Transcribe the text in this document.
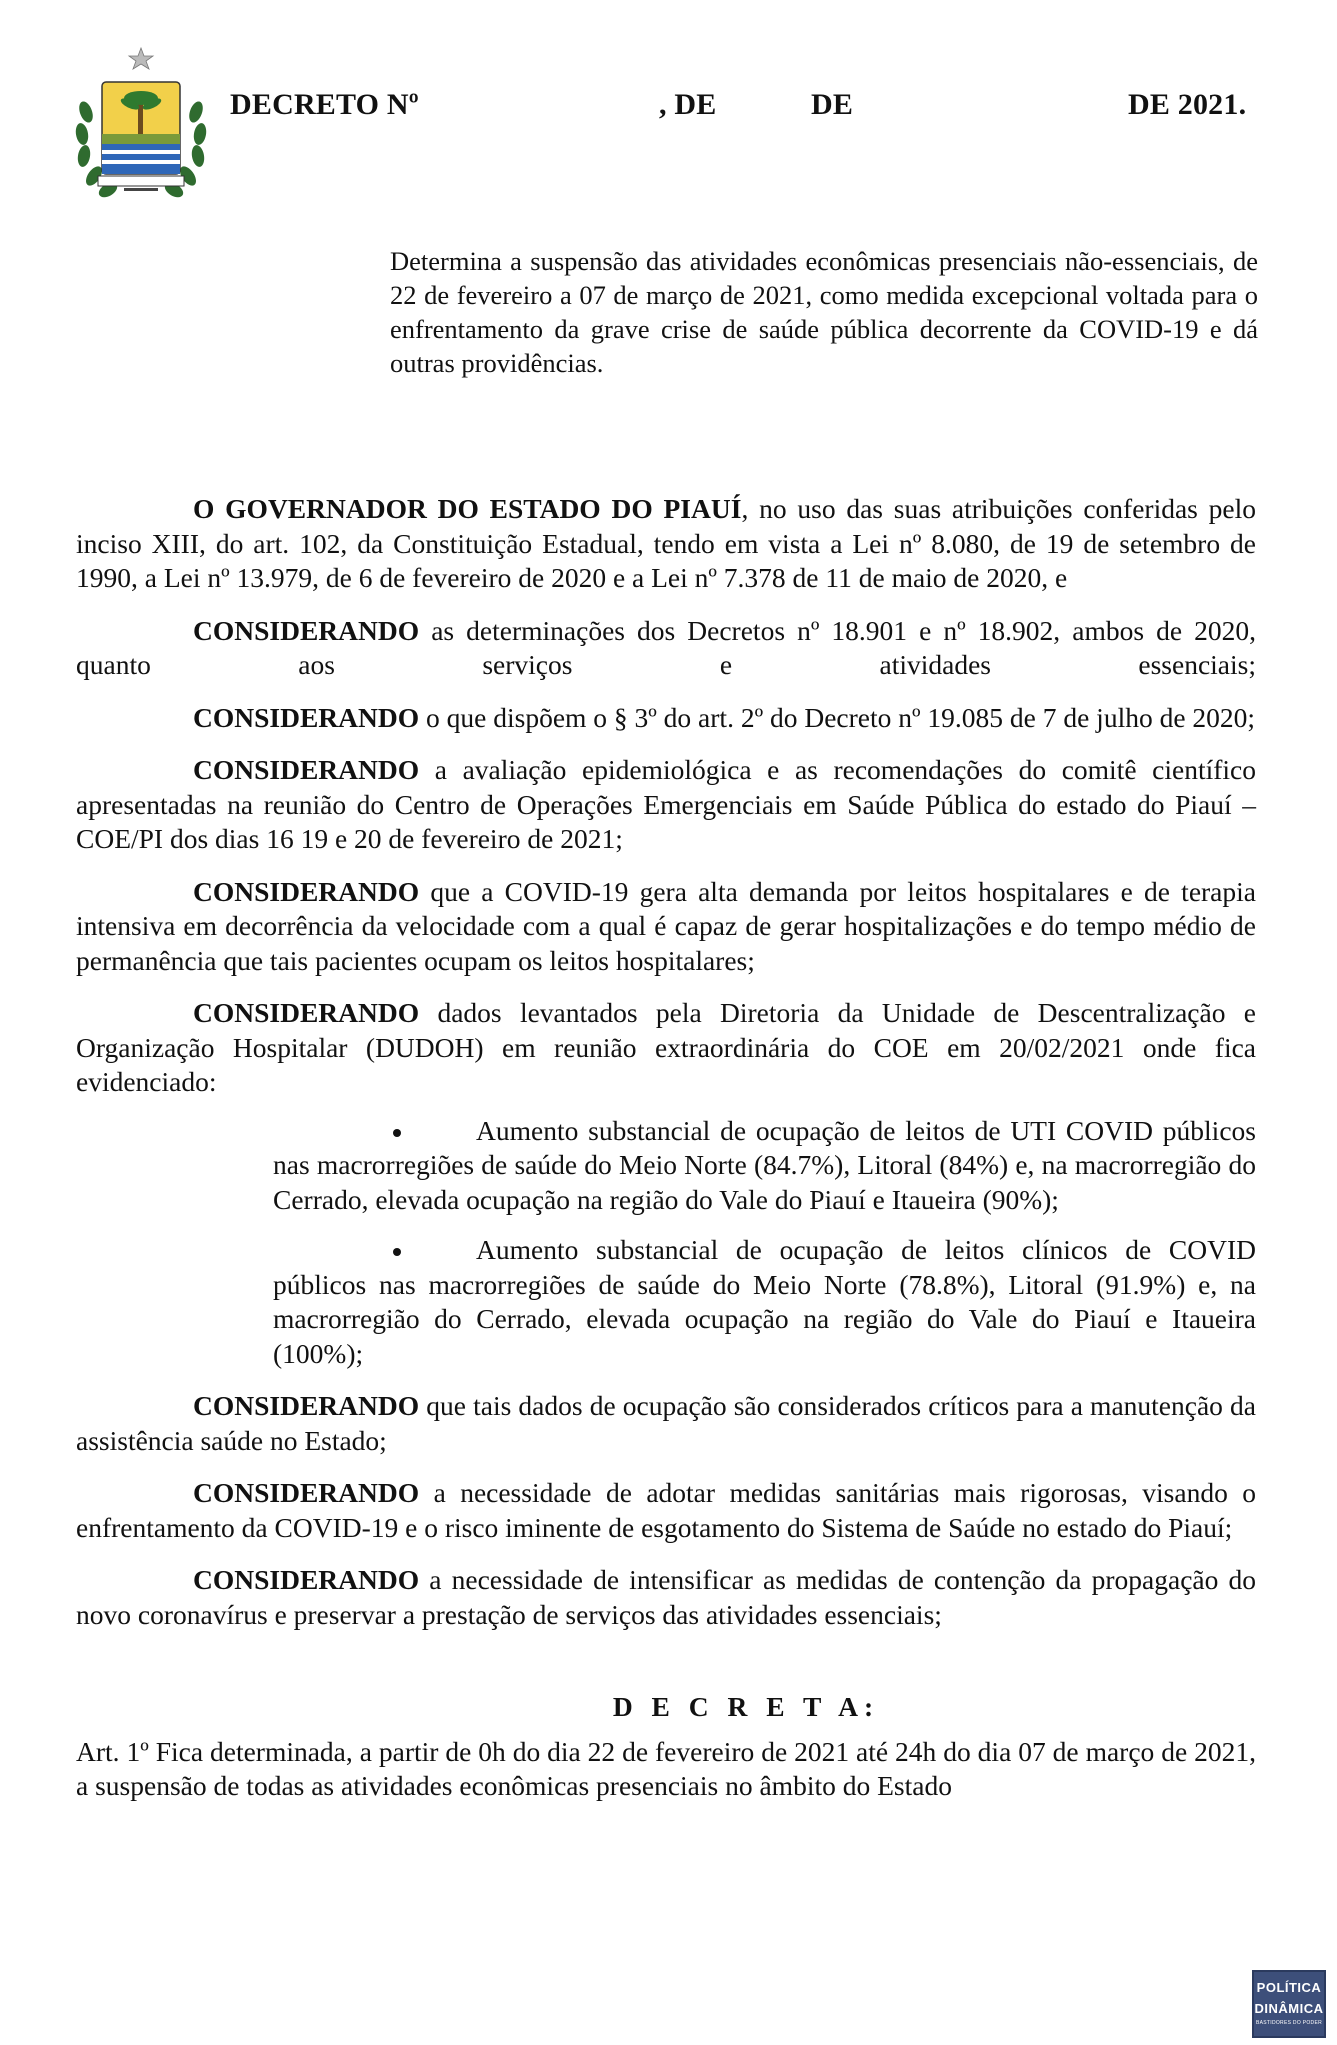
DECRETO Nº	, DE	DE	DE 2021.
Determina a suspensão das atividades econômicas presenciais não-essenciais, de 22 de fevereiro a 07 de março de 2021, como medida excepcional voltada para o enfrentamento da grave crise de saúde pública decorrente da COVID-19 e dá outras providências.

O GOVERNADOR DO ESTADO DO PIAUÍ, no uso das suas atribuições conferidas pelo inciso XIII, do art. 102, da Constituição Estadual, tendo em vista a Lei nº 8.080, de 19 de setembro de 1990, a Lei nº 13.979, de 6 de fevereiro de 2020 e a Lei nº 7.378 de 11 de maio de 2020, e

CONSIDERANDO as determinações dos Decretos nº 18.901 e nº 18.902, ambos de 2020, quanto aos serviços e atividades essenciais;

CONSIDERANDO o que dispõem o § 3º do art. 2º do Decreto nº 19.085 de 7 de julho de 2020;

CONSIDERANDO a avaliação epidemiológica e as recomendações do comitê científico apresentadas na reunião do Centro de Operações Emergenciais em Saúde Pública do estado do Piauí – COE/PI dos dias 16 19 e 20 de fevereiro de 2021;

CONSIDERANDO que a COVID-19 gera alta demanda por leitos hospitalares e de terapia intensiva em decorrência da velocidade com a qual é capaz de gerar hospitalizações e do tempo médio de permanência que tais pacientes ocupam os leitos hospitalares;

CONSIDERANDO dados levantados pela Diretoria da Unidade de Descentralização e Organização Hospitalar (DUDOH) em reunião extraordinária do COE em 20/02/2021 onde fica evidenciado:

Aumento substancial de ocupação de leitos de UTI COVID públicos nas macrorregiões de saúde do Meio Norte (84.7%), Litoral (84%) e, na macrorregião do Cerrado, elevada ocupação na região do Vale do Piauí e Itaueira (90%);
Aumento substancial de ocupação de leitos clínicos de COVID públicos nas macrorregiões de saúde do Meio Norte (78.8%), Litoral (91.9%) e, na macrorregião do Cerrado, elevada ocupação na região do Vale do Piauí e Itaueira (100%);

CONSIDERANDO que tais dados de ocupação são considerados críticos para a manutenção da assistência saúde no Estado;

CONSIDERANDO a necessidade de adotar medidas sanitárias mais rigorosas, visando o enfrentamento da COVID-19 e o risco iminente de esgotamento do Sistema de Saúde no estado do Piauí;

CONSIDERANDO a necessidade de intensificar as medidas de contenção da propagação do novo coronavírus e preservar a prestação de serviços das atividades essenciais;

D E C R E T A:

Art. 1º Fica determinada, a partir de 0h do dia 22 de fevereiro de 2021 até 24h do dia 07 de março de 2021, a suspensão de todas as atividades econômicas presenciais no âmbito do Estado

POLÍTICA
DINÂMICA
BASTIDORES DO PODER
